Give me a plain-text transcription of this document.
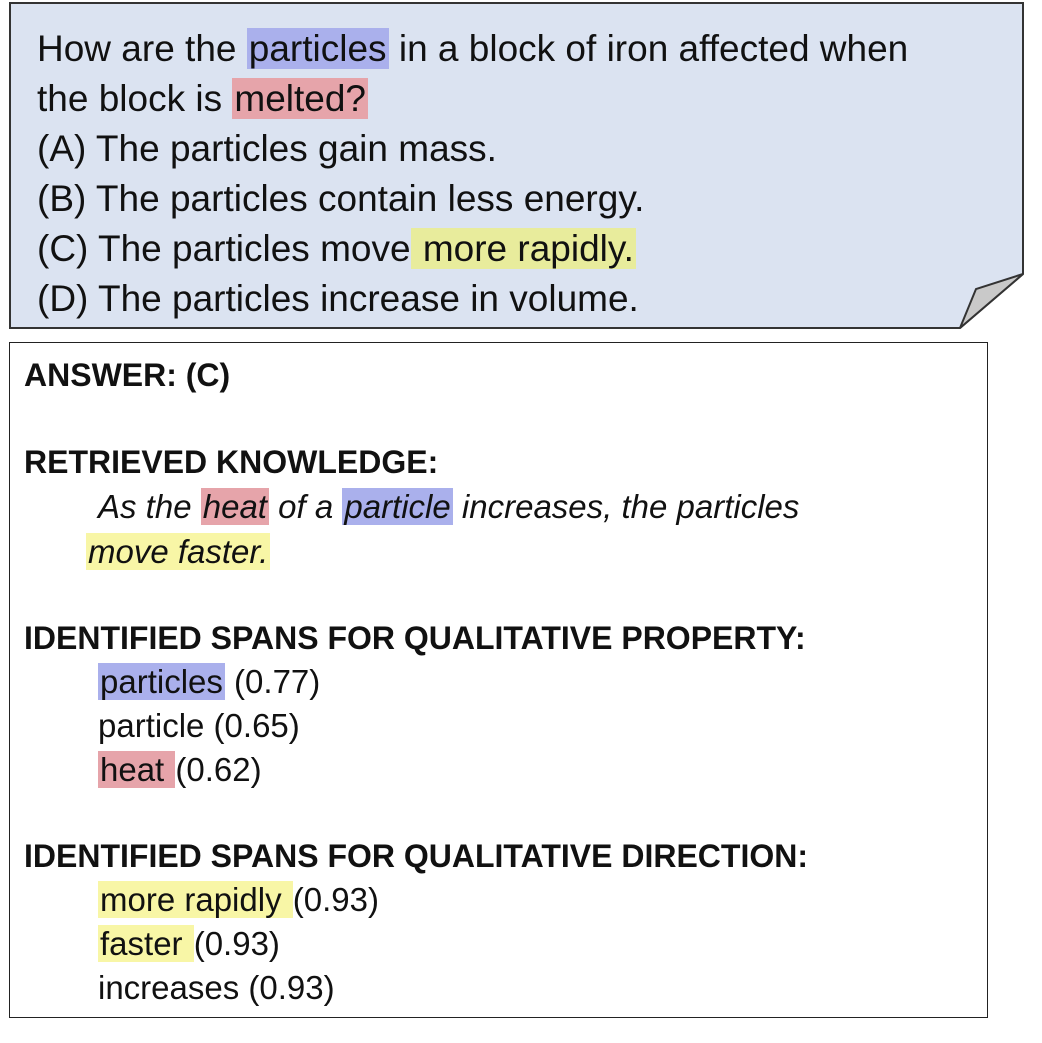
How are the particles in a block of iron affected when
the block is melted?
(A) The particles gain mass.
(B) The particles contain less energy.
(C) The particles move more rapidly.
(D) The particles increase in volume.
ANSWER: (C)
RETRIEVED KNOWLEDGE:
As the heat of a particle increases, the particles
move faster.
IDENTIFIED SPANS FOR QUALITATIVE PROPERTY:
particles (0.77)
particle (0.65)
heat (0.62)
IDENTIFIED SPANS FOR QUALITATIVE DIRECTION:
more rapidly (0.93)
faster (0.93)
increases (0.93)
